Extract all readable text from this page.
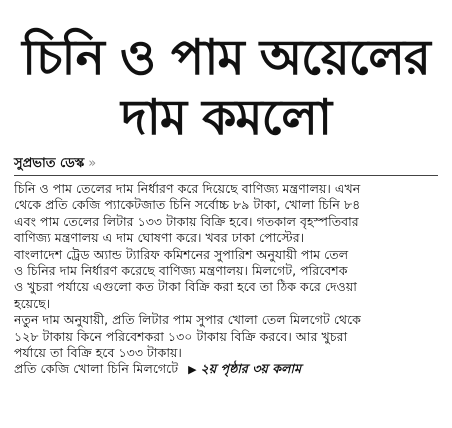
চিনি ও পাম অয়েলের
দাম কমলো
সুপ্রভাত ডেস্ক »

চিনি ও পাম তেলের দাম নির্ধারণ করে দিয়েছে বাণিজ্য মন্ত্রণালয়। এখন
থেকে প্রতি কেজি প্যাকেটজাত চিনি সর্বোচ্চ ৮৯ টাকা, খোলা চিনি ৮৪
এবং পাম তেলের লিটার ১৩৩ টাকায় বিক্রি হবে। গতকাল বৃহস্পতিবার
বাণিজ্য মন্ত্রণালয় এ দাম ঘোষণা করে। খবর ঢাকা পোস্টের।

বাংলাদেশ ট্রেড অ্যান্ড ট্যারিফ কমিশনের সুপারিশ অনুযায়ী পাম তেল
ও চিনির দাম নির্ধারণ করেছে বাণিজ্য মন্ত্রণালয়। মিলগেট, পরিবেশক
ও খুচরা পর্যায়ে এগুলো কত টাকা বিক্রি করা হবে তা ঠিক করে দেওয়া
হয়েছে।

নতুন দাম অনুযায়ী, প্রতি লিটার পাম সুপার খোলা তেল মিলগেট থেকে
১২৮ টাকায় কিনে পরিবেশকরা ১৩০ টাকায় বিক্রি করবে। আর খুচরা
পর্যায়ে তা বিক্রি হবে ১৩৩ টাকায়।

প্রতি কেজি খোলা চিনি মিলগেটে ▶ ২য় পৃষ্ঠার ৩য় কলাম
